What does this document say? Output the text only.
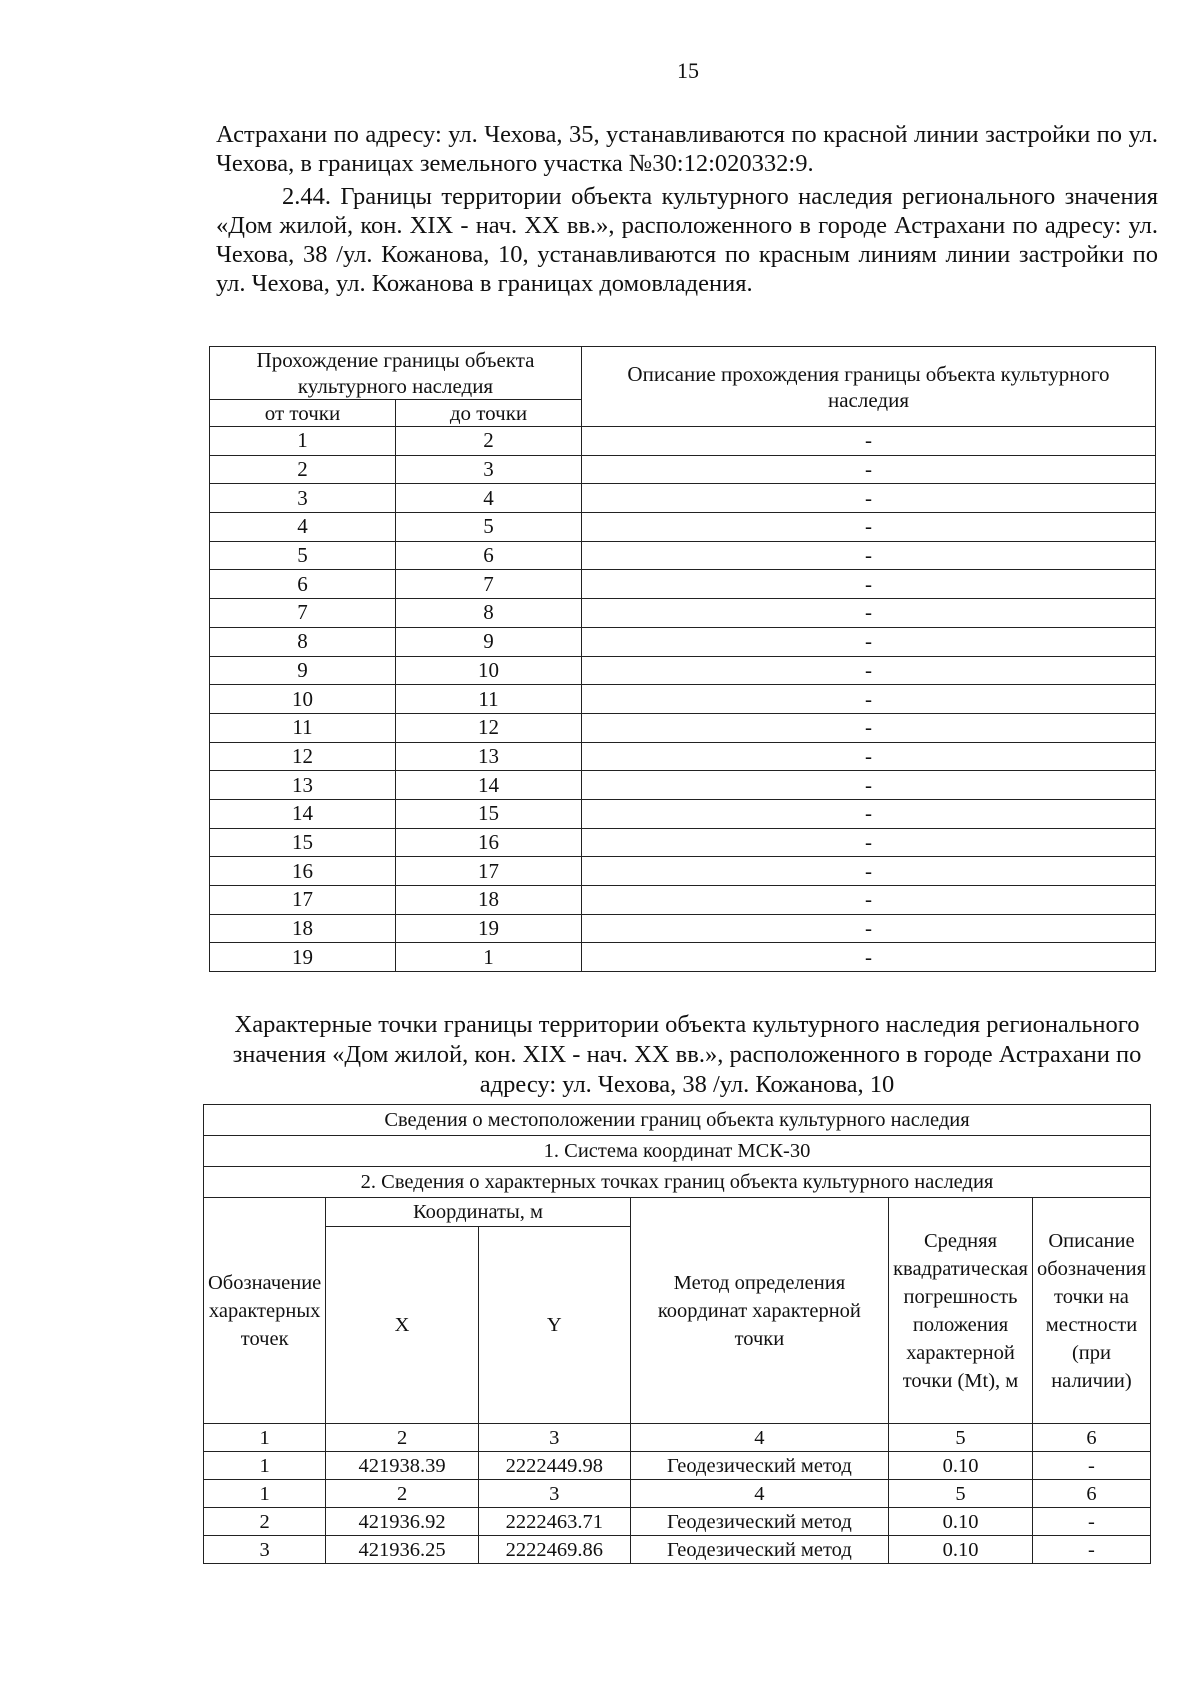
15

Астрахани по адресу: ул. Чехова, 35, устанавливаются по красной линии застройки по ул. Чехова, в границах земельного участка №30:12:020332:9.

2.44. Границы территории объекта культурного наследия регионального значения «Дом жилой, кон. XIX - нач. XX вв.», расположенного в городе Астрахани по адресу: ул. Чехова, 38 /ул. Кожанова, 10, устанавливаются по красным линиям линии застройки по ул. Чехова, ул. Кожанова в границах домовладения.

Прохождение границы объекта культурного наследия		Описание прохождения границы объекта культурного наследия
от точки	до точки	
1	2	-
2	3	-
3	4	-
4	5	-
5	6	-
6	7	-
7	8	-
8	9	-
9	10	-
10	11	-
11	12	-
12	13	-
13	14	-
14	15	-
15	16	-
16	17	-
17	18	-
18	19	-
19	1	-

Характерные точки границы территории объекта культурного наследия регионального значения «Дом жилой, кон. XIX - нач. XX вв.», расположенного в городе Астрахани по адресу: ул. Чехова, 38 /ул. Кожанова, 10

Сведения о местоположении границ объекта культурного наследия					
1. Система координат МСК-30					
2. Сведения о характерных точках границ объекта культурного наследия					
Обозначение характерных точек	Координаты, м		Метод определения координат характерной точки	Средняя квадратическая погрешность положения характерной точки (Mt), м	Описание обозначения точки на местности (при наличии)
	X	Y			
1	2	3	4	5	6
1	421938.39	2222449.98	Геодезический метод	0.10	-
1	2	3	4	5	6
2	421936.92	2222463.71	Геодезический метод	0.10	-
3	421936.25	2222469.86	Геодезический метод	0.10	-
